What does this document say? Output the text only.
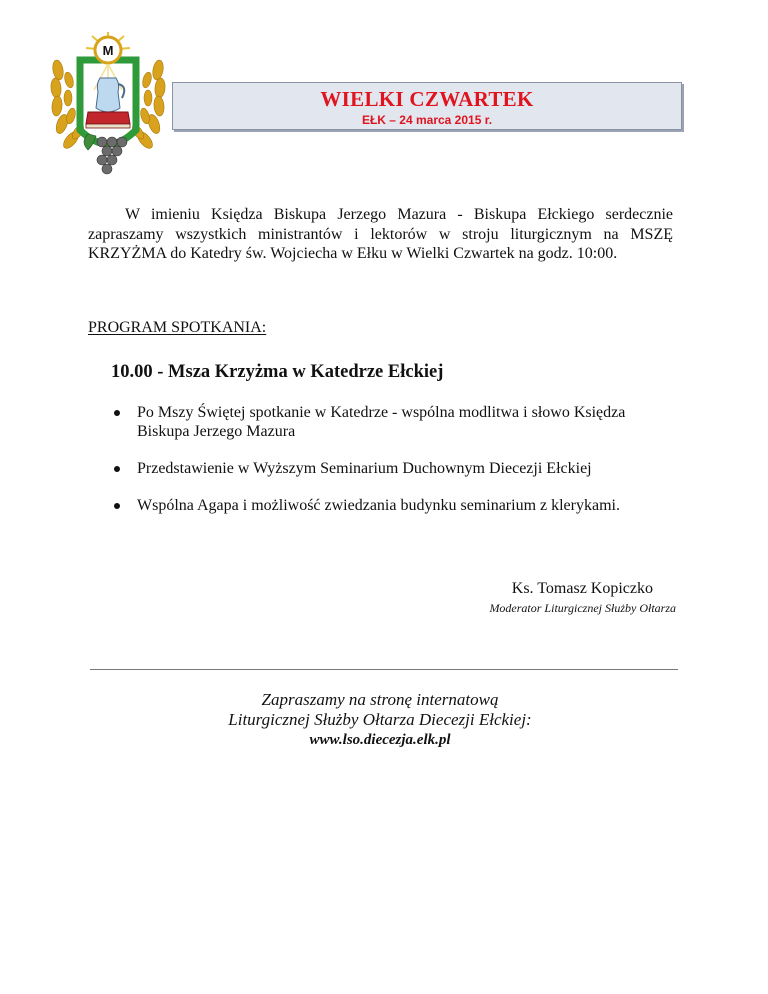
M
WIELKI CZWARTEK
EŁK – 24 marca 2015 r.

W imieniu Księdza Biskupa Jerzego Mazura - Biskupa Ełckiego serdecznie zapraszamy wszystkich ministrantów i lektorów w stroju liturgicznym na MSZĘ KRZYŻMA do Katedry św. Wojciecha w Ełku w Wielki Czwartek na godz. 10:00.

PROGRAM SPOTKANIA:
10.00 - Msza Krzyżma w Katedrze Ełckiej
Po Mszy Świętej spotkanie w Katedrze - wspólna modlitwa i słowo Księdza Biskupa Jerzego Mazura
Przedstawienie w Wyższym Seminarium Duchownym Diecezji Ełckiej
Wspólna Agapa i możliwość zwiedzania budynku seminarium z klerykami.
Ks. Tomasz Kopiczko
Moderator Liturgicznej Służby Ołtarza
Zapraszamy na stronę internatową
Liturgicznej Służby Ołtarza Diecezji Ełckiej:
www.lso.diecezja.elk.pl
